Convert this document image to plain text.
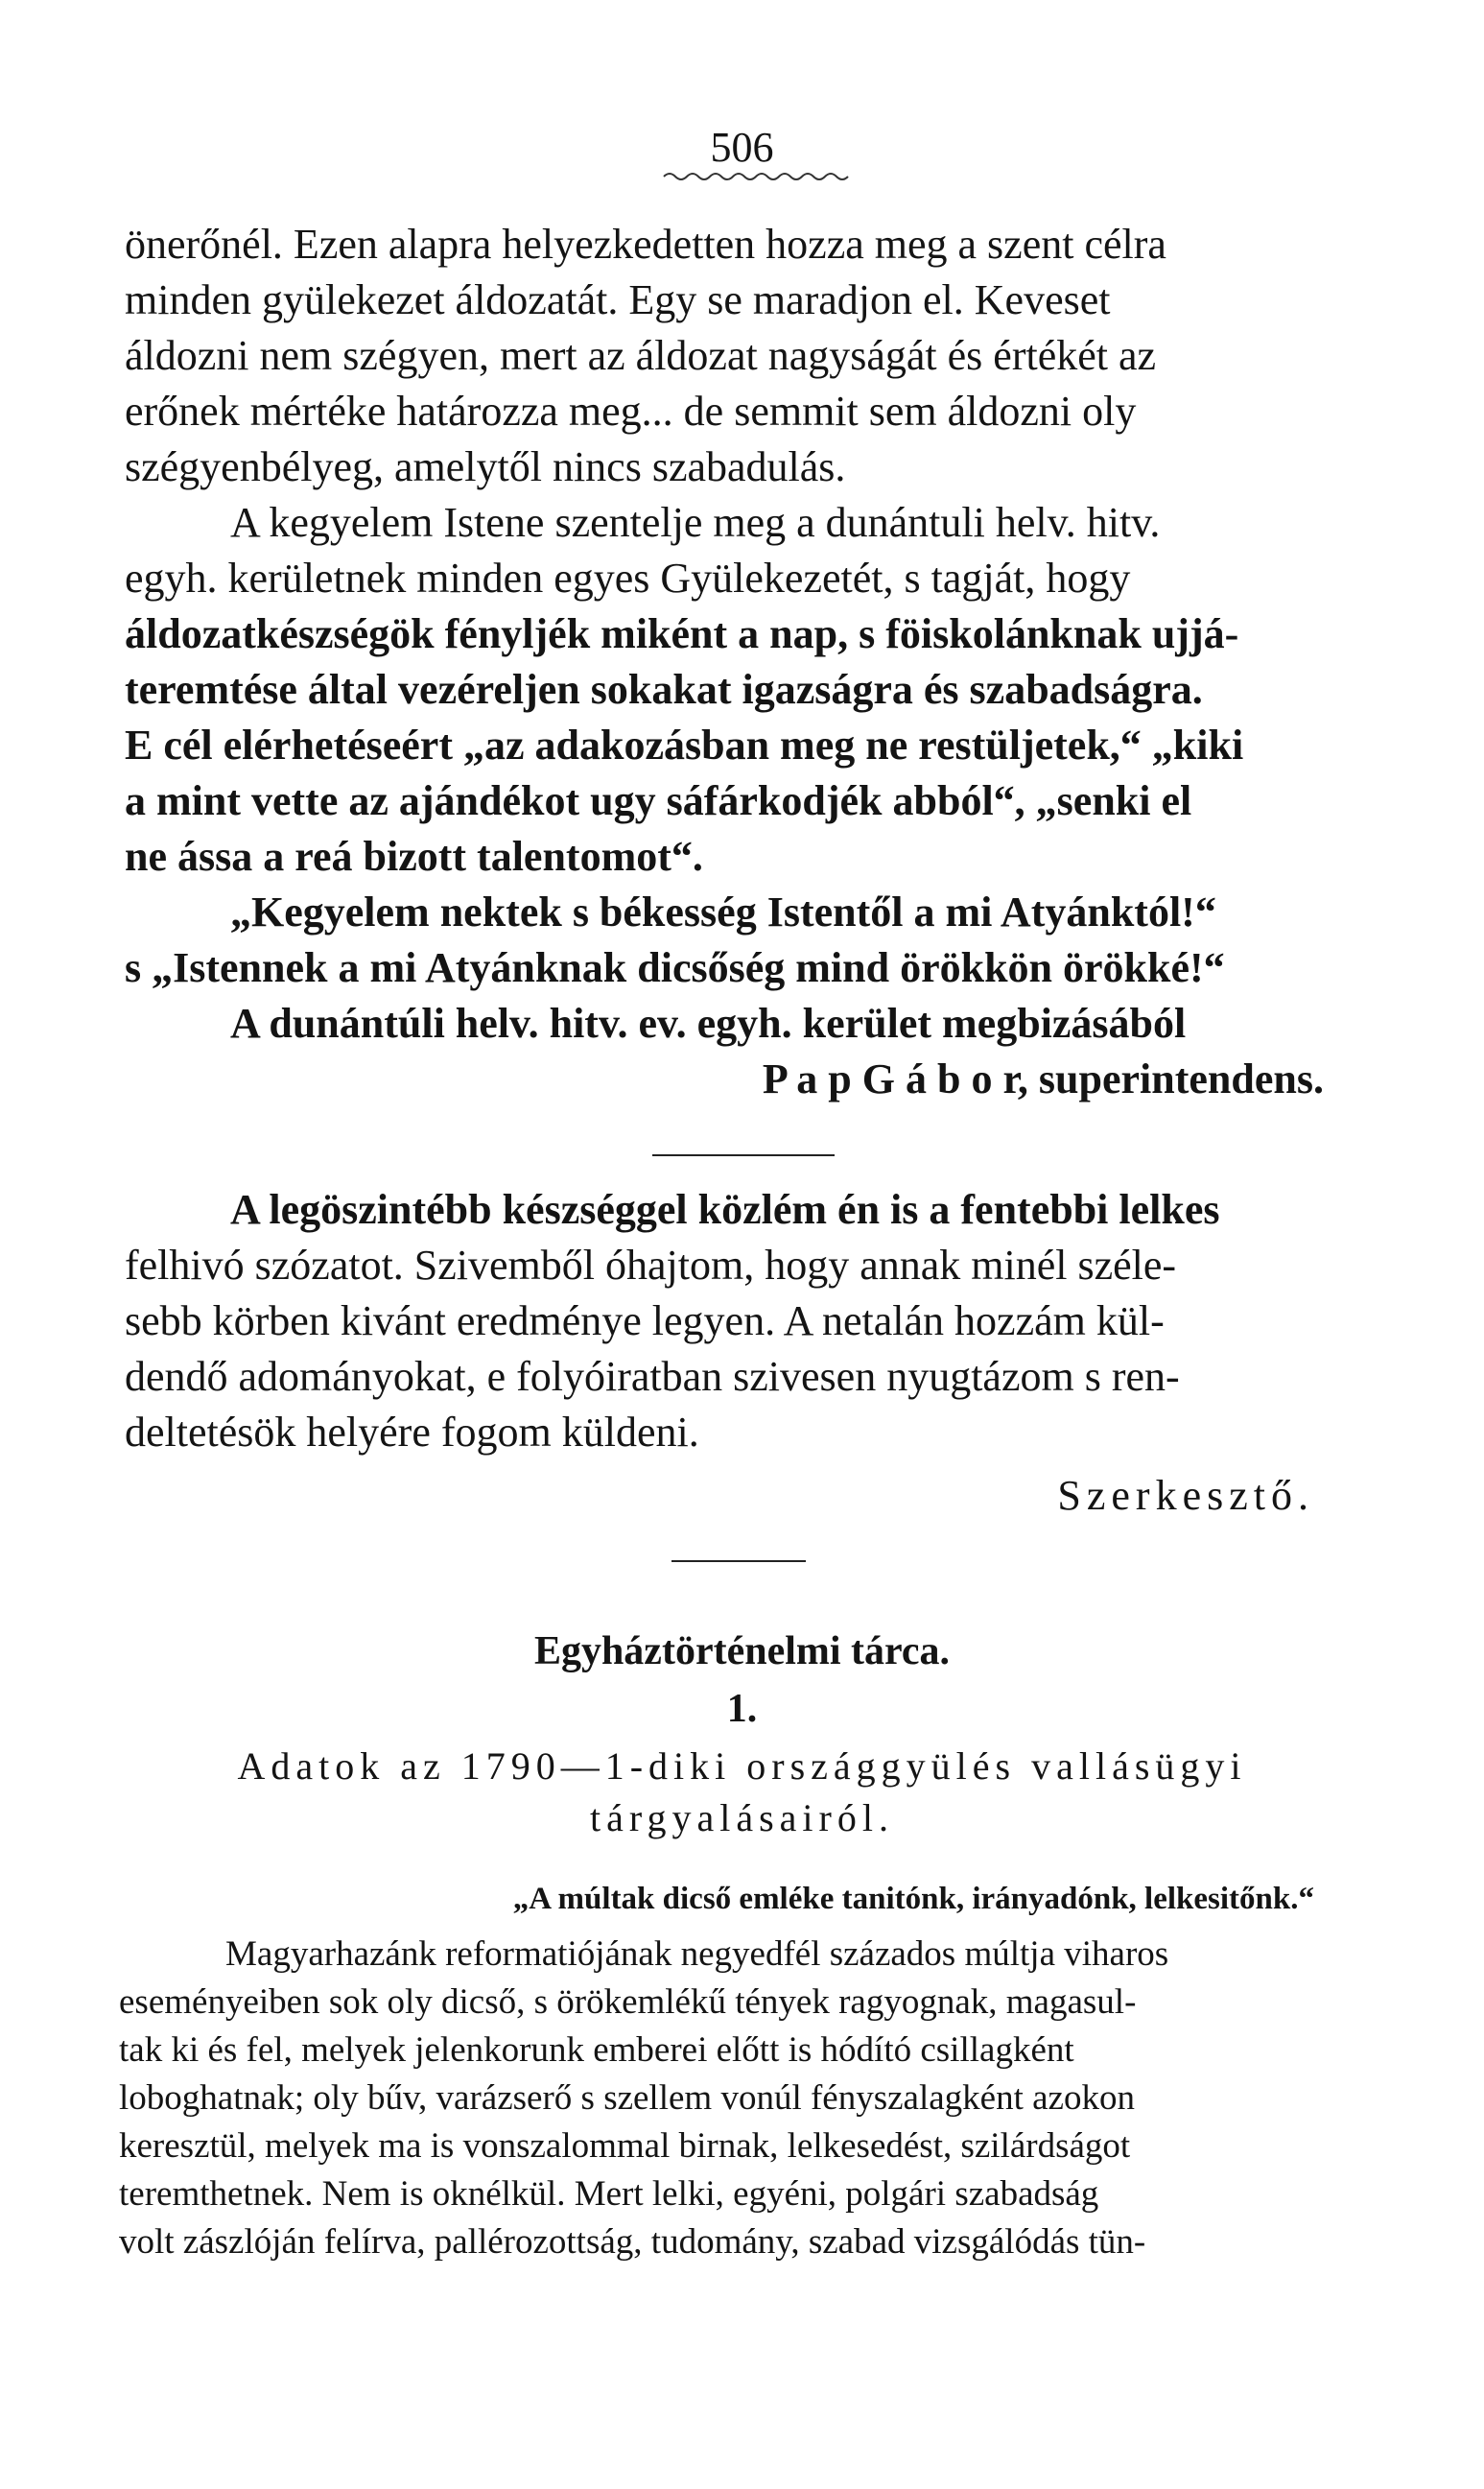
506
önerőnél. Ezen alapra helyezkedetten hozza meg a szent célra
minden gyülekezet áldozatát. Egy se maradjon el. Keveset
áldozni nem szégyen, mert az áldozat nagyságát és értékét az
erőnek mértéke határozza meg... de semmit sem áldozni oly
szégyenbélyeg, amelytől nincs szabadulás.
A kegyelem Istene szentelje meg a dunántuli helv. hitv.
egyh. kerületnek minden egyes Gyülekezetét, s tagját, hogy
áldozatkészségök fényljék miként a nap, s föiskolánknak ujjá-
teremtése által vezéreljen sokakat igazságra és szabadságra.
E cél elérhetéseért „az adakozásban meg ne restüljetek,“ „kiki
a mint vette az ajándékot ugy sáfárkodjék abból“, „senki el
ne ássa a reá bizott talentomot“.
„Kegyelem nektek s békesség Istentől a mi Atyánktól!“
s „Istennek a mi Atyánknak dicsőség mind örökkön örökké!“
A dunántúli helv. hitv. ev. egyh. kerület megbizásából
P a p G á b o r, superintendens.
A legöszintébb készséggel közlém én is a fentebbi lelkes
felhivó szózatot. Szivemből óhajtom, hogy annak minél széle-
sebb körben kivánt eredménye legyen. A netalán hozzám kül-
dendő adományokat, e folyóiratban szivesen nyugtázom s ren-
deltetésök helyére fogom küldeni.
Szerkesztő.
Egyháztörténelmi tárca.
1.
Adatok az 1790—1-diki országgyülés vallásügyi
tárgyalásairól.
„A múltak dicső emléke tanitónk, irányadónk, lelkesitőnk.“
Magyarhazánk reformatiójának negyedfél százados múltja viharos
eseményeiben sok oly dicső, s örökemlékű tények ragyognak, magasul-
tak ki és fel, melyek jelenkorunk emberei előtt is hódító csillagként
loboghatnak; oly bűv, varázserő s szellem vonúl fényszalagként azokon
keresztül, melyek ma is vonszalommal birnak, lelkesedést, szilárdságot
teremthetnek. Nem is oknélkül. Mert lelki, egyéni, polgári szabadság
volt zászlóján felírva, pallérozottság, tudomány, szabad vizsgálódás tün-
